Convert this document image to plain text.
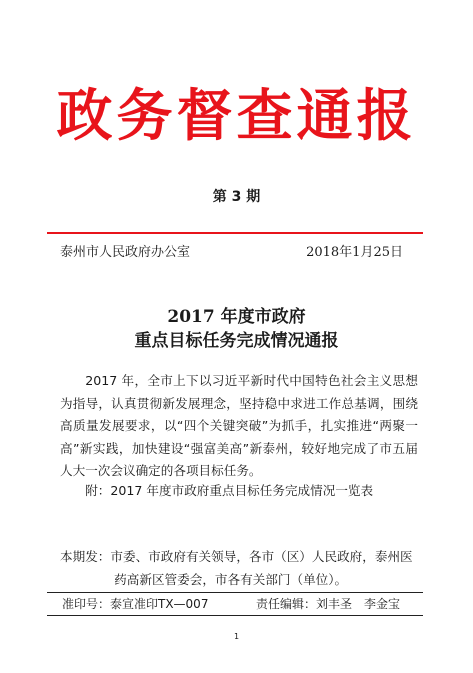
政务督查通报
第 3 期
泰州市人民政府办公室	2018年1月25日
2017 年度市政府
重点目标任务完成情况通报
2017 年，全市上下以习近平新时代中国特色社会主义思想为指导，认真贯彻新发展理念，坚持稳中求进工作总基调，围绕高质量发展要求，以“四个关键突破”为抓手，扎实推进“两聚一高”新实践，加快建设“强富美高”新泰州，较好地完成了市五届人大一次会议确定的各项目标任务。
附：2017 年度市政府重点目标任务完成情况一览表
本期发：市委、市政府有关领导，各市（区）人民政府，泰州医
药高新区管委会，市各有关部门（单位）。
准印号：泰宣准印TX—007	责任编辑：刘丰圣　李金宝
1
